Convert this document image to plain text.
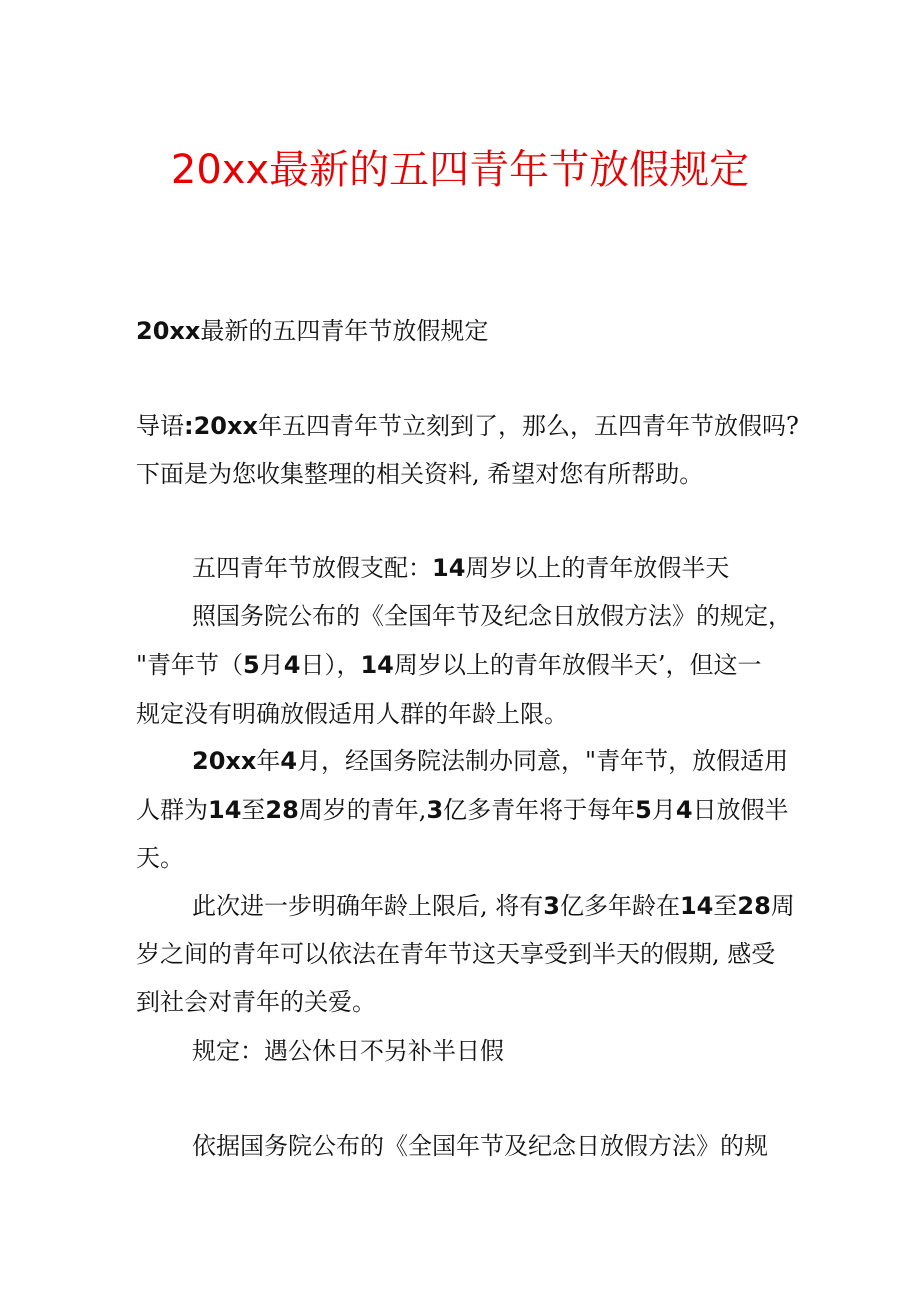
20xx最新的五四青年节放假规定
20xx最新的五四青年节放假规定
导语:20xx年五四青年节立刻到了，那么，五四青年节放假吗?
下面是为您收集整理的相关资料, 希望对您有所帮助。
五四青年节放假支配：14周岁以上的青年放假半天
照国务院公布的《全国年节及纪念日放假方法》的规定，
"青年节（5月4日），14周岁以上的青年放假半天’，但这一
规定没有明确放假适用人群的年龄上限。
20xx年4月，经国务院法制办同意，"青年节，放假适用
人群为14至28周岁的青年,3亿多青年将于每年5月4日放假半
天。
此次进一步明确年龄上限后, 将有3亿多年龄在14至28周
岁之间的青年可以依法在青年节这天享受到半天的假期, 感受
到社会对青年的关爱。
规定：遇公休日不另补半日假
依据国务院公布的《全国年节及纪念日放假方法》的规
